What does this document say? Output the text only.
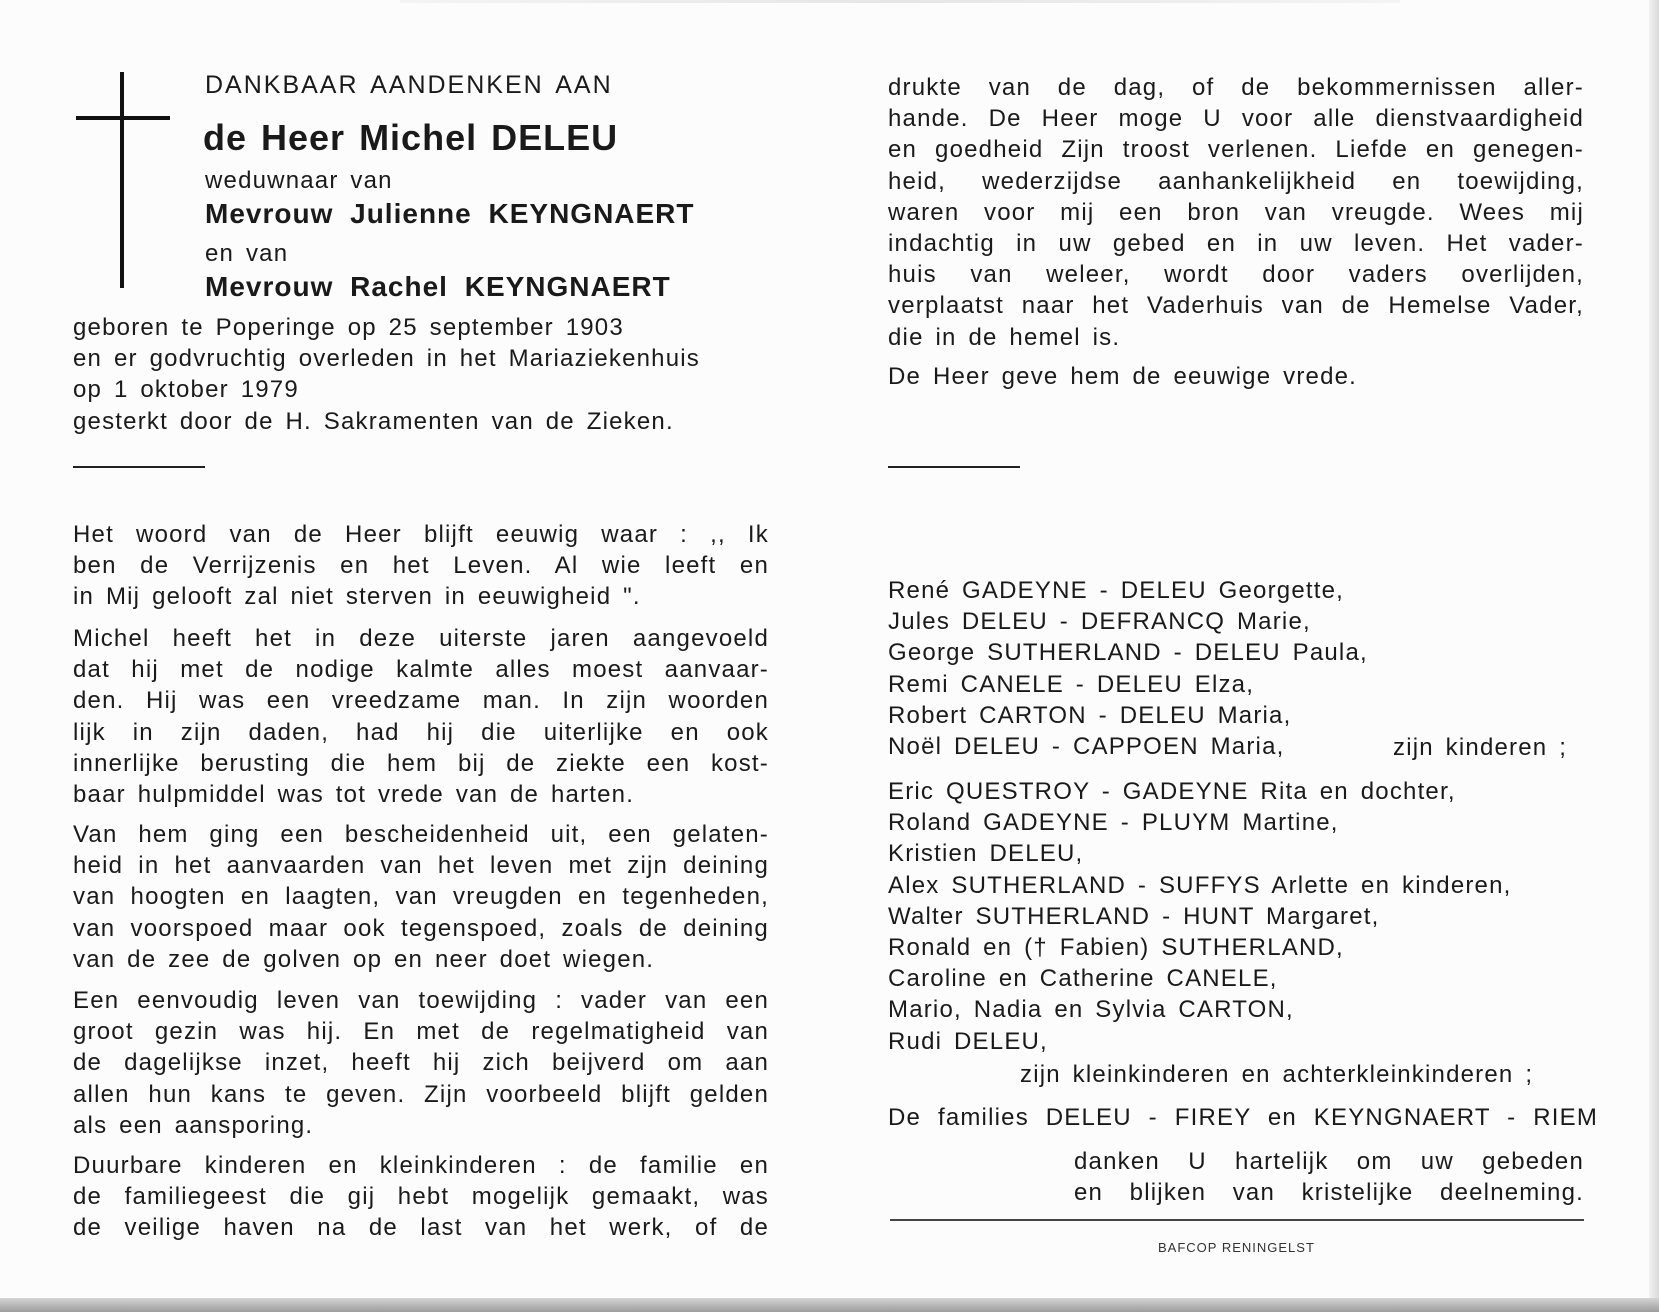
DANKBAAR AANDENKEN AAN
de Heer Michel DELEU
weduwnaar van
Mevrouw Julienne KEYNGNAERT
en van
Mevrouw Rachel KEYNGNAERT
geboren te Poperinge op 25 september 1903
en er godvruchtig overleden in het Mariaziekenhuis
op 1 oktober 1979
gesterkt door de H. Sakramenten van de Zieken.
Het woord van de Heer blijft eeuwig waar : ,, Ik
ben de Verrijzenis en het Leven. Al wie leeft en
in Mij gelooft zal niet sterven in eeuwigheid ".
Michel heeft het in deze uiterste jaren aangevoeld
dat hij met de nodige kalmte alles moest aanvaar-
den. Hij was een vreedzame man. In zijn woorden
lijk in zijn daden, had hij die uiterlijke en ook
innerlijke berusting die hem bij de ziekte een kost-
baar hulpmiddel was tot vrede van de harten.
Van hem ging een bescheidenheid uit, een gelaten-
heid in het aanvaarden van het leven met zijn deining
van hoogten en laagten, van vreugden en tegenheden,
van voorspoed maar ook tegenspoed, zoals de deining
van de zee de golven op en neer doet wiegen.
Een eenvoudig leven van toewijding : vader van een
groot gezin was hij. En met de regelmatigheid van
de dagelijkse inzet, heeft hij zich beijverd om aan
allen hun kans te geven. Zijn voorbeeld blijft gelden
als een aansporing.
Duurbare kinderen en kleinkinderen : de familie en
de familiegeest die gij hebt mogelijk gemaakt, was
de veilige haven na de last van het werk, of de
drukte van de dag, of de bekommernissen aller-
hande. De Heer moge U voor alle dienstvaardigheid
en goedheid Zijn troost verlenen. Liefde en genegen-
heid, wederzijdse aanhankelijkheid en toewijding,
waren voor mij een bron van vreugde. Wees mij
indachtig in uw gebed en in uw leven. Het vader-
huis van weleer, wordt door vaders overlijden,
verplaatst naar het Vaderhuis van de Hemelse Vader,
die in de hemel is.
De Heer geve hem de eeuwige vrede.
René GADEYNE - DELEU Georgette,
Jules DELEU - DEFRANCQ Marie,
George SUTHERLAND - DELEU Paula,
Remi CANELE - DELEU Elza,
Robert CARTON - DELEU Maria,
Noël DELEU - CAPPOEN Maria,	zijn kinderen ;
Eric QUESTROY - GADEYNE Rita en dochter,
Roland GADEYNE - PLUYM Martine,
Kristien DELEU,
Alex SUTHERLAND - SUFFYS Arlette en kinderen,
Walter SUTHERLAND - HUNT Margaret,
Ronald en († Fabien) SUTHERLAND,
Caroline en Catherine CANELE,
Mario, Nadia en Sylvia CARTON,
Rudi DELEU,
zijn kleinkinderen en achterkleinkinderen ;
De families DELEU - FIREY en KEYNGNAERT - RIEM
danken U hartelijk om uw gebeden
en blijken van kristelijke deelneming.
BAFCOP RENINGELST
